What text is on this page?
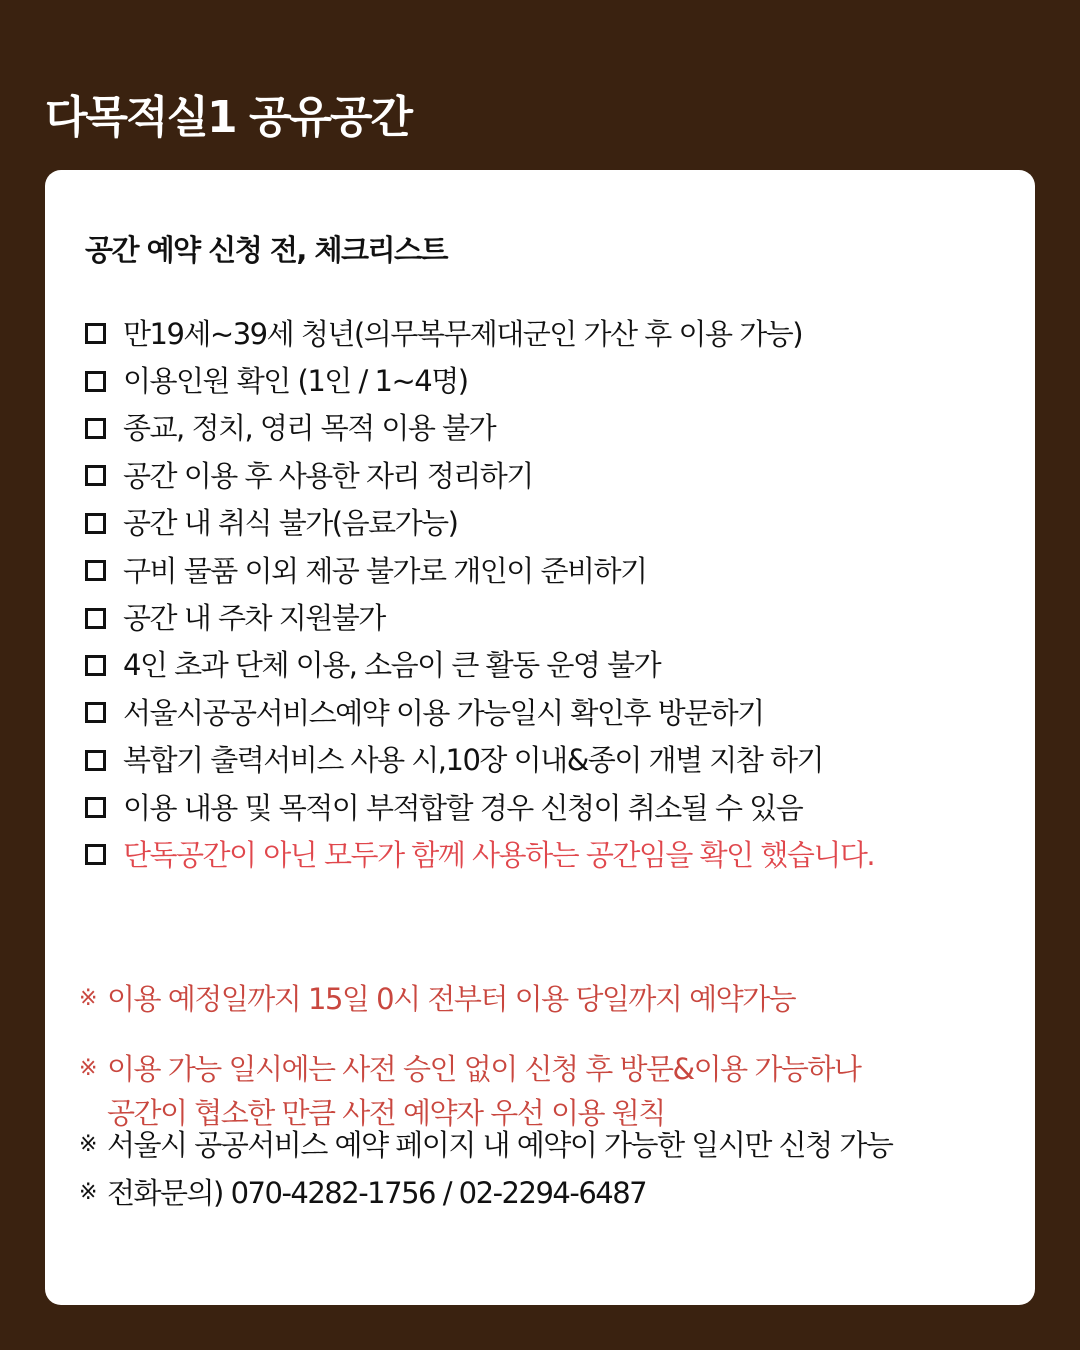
다목적실1 공유공간
공간 예약 신청 전, 체크리스트
만19세~39세 청년(의무복무제대군인 가산 후 이용 가능)
이용인원 확인 (1인 / 1~4명)
종교, 정치, 영리 목적 이용 불가
공간 이용 후 사용한 자리 정리하기
공간 내 취식 불가(음료가능)
구비 물품 이외 제공 불가로 개인이 준비하기
공간 내 주차 지원불가
4인 초과 단체 이용, 소음이 큰 활동 운영 불가
서울시공공서비스예약 이용 가능일시 확인후 방문하기
복합기 출력서비스 사용 시,10장 이내&종이 개별 지참 하기
이용 내용 및 목적이 부적합할 경우 신청이 취소될 수 있음
단독공간이 아닌 모두가 함께 사용하는 공간임을 확인 했습니다.
※ 이용 예정일까지 15일 0시 전부터 이용 당일까지 예약가능
※ 이용 가능 일시에는 사전 승인 없이 신청 후 방문&이용 가능하나
공간이 협소한 만큼 사전 예약자 우선 이용 원칙
※ 서울시 공공서비스 예약 페이지 내 예약이 가능한 일시만 신청 가능
※ 전화문의) 070-4282-1756 / 02-2294-6487
